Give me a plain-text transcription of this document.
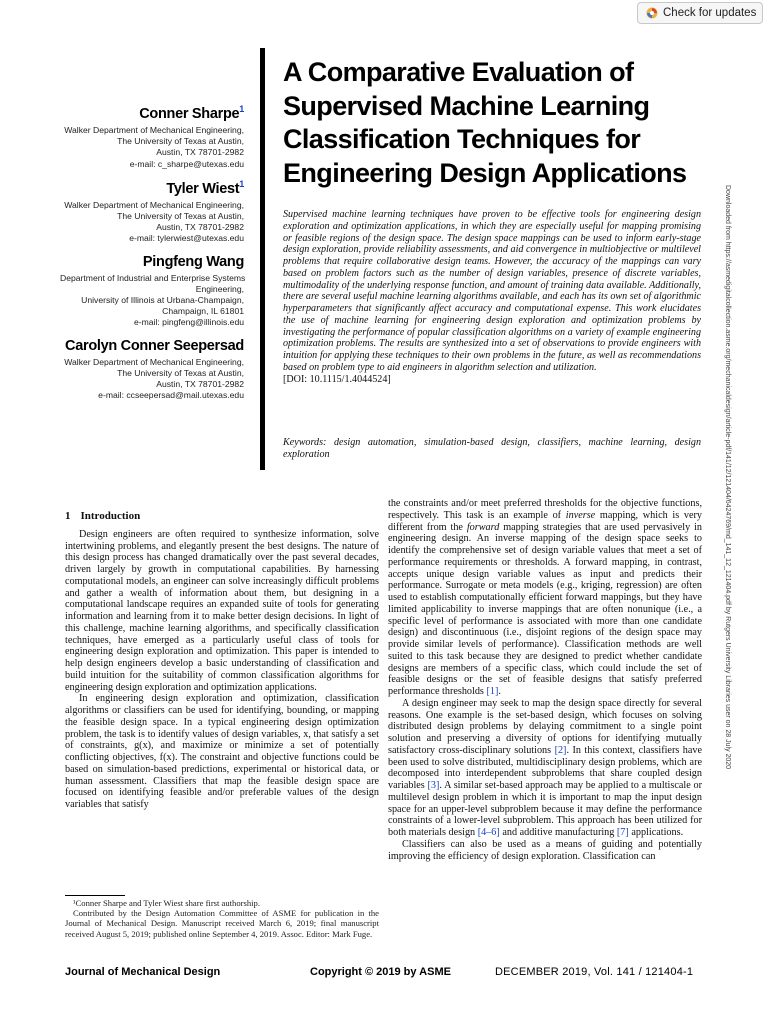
Check for updates
Conner Sharpe$^1$
Walker Department of Mechanical Engineering,
The University of Texas at Austin,
Austin, TX 78701-2982
e-mail: c_sharpe@utexas.edu
Tyler Wiest$^1$
Walker Department of Mechanical Engineering,
The University of Texas at Austin,
Austin, TX 78701-2982
e-mail: tylerwiest@utexas.edu
Pingfeng Wang
Department of Industrial and Enterprise Systems
Engineering,
University of Illinois at Urbana-Champaign,
Champaign, IL 61801
e-mail: pingfeng@illinois.edu
Carolyn Conner Seepersad
Walker Department of Mechanical Engineering,
The University of Texas at Austin,
Austin, TX 78701-2982
e-mail: ccseepersad@mail.utexas.edu
A Comparative Evaluation of
Supervised Machine Learning
Classification Techniques for
Engineering Design Applications
Supervised machine learning techniques have proven to be effective tools for engineering design exploration and optimization applications, in which they are especially useful for mapping promising or feasible regions of the design space. The design space mappings can be used to inform early-stage design exploration, provide reliability assessments, and aid convergence in multiobjective or multilevel problems that require collaborative design teams. However, the accuracy of the mappings can vary based on problem factors such as the number of design variables, presence of discrete variables, multimodality of the underlying response function, and amount of training data available. Additionally, there are several useful machine learning algorithms available, and each has its own set of algorithmic hyperparameters that significantly affect accuracy and computational expense. This work elucidates the use of machine learning for engineering design exploration and optimization problems by investigating the performance of popular classification algorithms on a variety of example engineering optimization problems. The results are synthesized into a set of observations to provide engineers with intuition for applying these techniques to their own problems in the future, as well as recommendations based on problem type to aid engineers in algorithm selection and utilization.
[DOI: 10.1115/1.4044524]
Keywords: design automation, simulation-based design, classifiers, machine learning, design exploration	Downloaded from https://asmedigitalcollection.asme.org/mechanicaldesign/article-pdf/141/12/121404/6424769/md_141_12_121404.pdf by Rutgers University Libraries user on 28 July 2020
1 Introduction

Design engineers are often required to synthesize information, solve intertwining problems, and elegantly present the best designs. The nature of this design process has changed dramatically over the past several decades, driven largely by growth in computational capabilities. By harnessing computational models, an engineer can solve increasingly difficult problems and gather a wealth of information about them, but designing in a computational landscape requires an expanded suite of tools for generating information and learning from it to make better design decisions. In light of this challenge, machine learning algorithms, and specifically classification techniques, have emerged as a particularly useful class of tools for engineering design exploration and optimization. This paper is intended to help design engineers develop a basic understanding of classification and build intuition for the suitability of common classification algorithms for engineering design exploration and optimization applications.

In engineering design exploration and optimization, classification algorithms or classifiers can be used for identifying, bounding, or mapping the feasible design space. In a typical engineering design optimization problem, the task is to identify values of design variables, x, that satisfy a set of constraints, g(x), and maximize or minimize a set of potentially conflicting objectives, f(x). The constraint and objective functions could be based on simulation-based predictions, experimental or historical data, or human assessment. Classifiers that map the feasible design space are focused on identifying feasible and/or preferable values of the design variables that satisfy

the constraints and/or meet preferred thresholds for the objective functions, respectively. This task is an example of inverse mapping, which is very different from the forward mapping strategies that are used pervasively in engineering design. An inverse mapping of the design space seeks to identify the comprehensive set of design variable values that meet a set of performance requirements or thresholds. A forward mapping, in contrast, accepts unique design variable values as input and predicts their performance. Surrogate or meta models (e.g., kriging, regression) are often used to establish computationally efficient forward mappings, but they have limited applicability to inverse mappings that are often nonunique (i.e., a specific level of performance is associated with more than one candidate design) and discontinuous (i.e., disjoint regions of the design space may provide similar levels of performance). Classification methods are well suited to this task because they are designed to predict whether candidate designs are members of a specific class, which could include the set of feasible designs or the set of feasible designs that satisfy preferred performance thresholds [1].

A design engineer may seek to map the design space directly for several reasons. One example is the set-based design, which focuses on solving distributed design problems by delaying commitment to a single point solution and preserving a diversity of options for identifying mutually satisfactory cross-disciplinary solutions [2]. In this context, classifiers have been used to solve distributed, multidisciplinary design problems, which are decomposed into interdependent subproblems that share coupled design variables [3]. A similar set-based approach may be applied to a multiscale or multilevel design problem in which it is important to map the input design space for an upper-level subproblem because it may define the performance constraints of a lower-level subproblem. This approach has been utilized for both materials design [4–6] and additive manufacturing [7] applications.

Classifiers can also be used as a means of guiding and potentially improving the efficiency of design exploration. Classification can

¹Conner Sharpe and Tyler Wiest share first authorship.

Contributed by the Design Automation Committee of ASME for publication in the Journal of Mechanical Design. Manuscript received March 6, 2019; final manuscript received August 5, 2019; published online September 4, 2019. Assoc. Editor: Mark Fuge.

Journal of Mechanical Design	Copyright © 2019 by ASME	DECEMBER 2019, Vol. 141 / 121404-1
